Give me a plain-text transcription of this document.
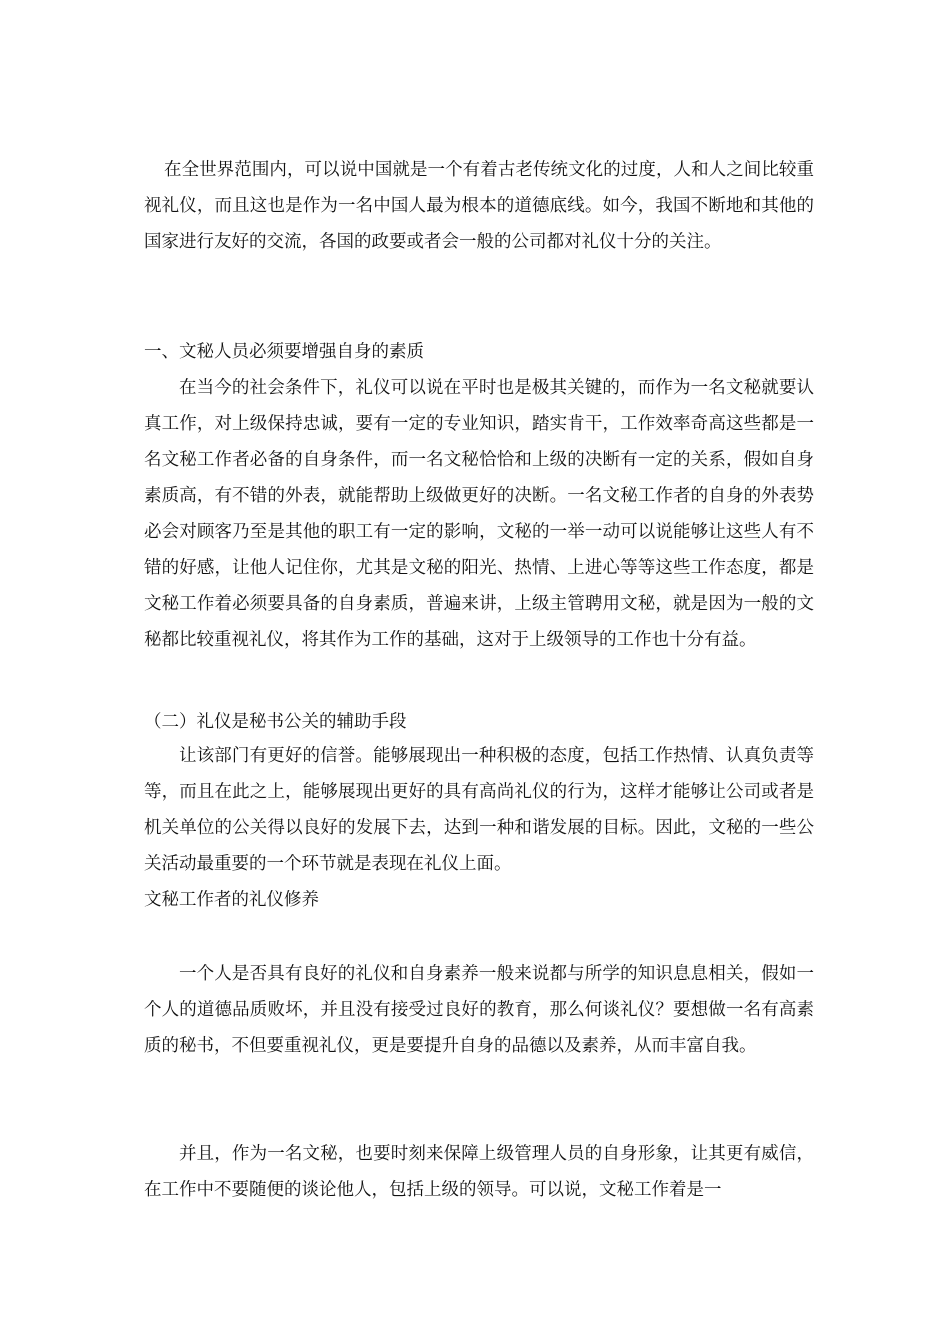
在全世界范围内，可以说中国就是一个有着古老传统文化的过度，人和人之间比较重视礼仪，而且这也是作为一名中国人最为根本的道德底线。如今，我国不断地和其他的国家进行友好的交流，各国的政要或者会一般的公司都对礼仪十分的关注。

一、文秘人员必须要增强自身的素质

在当今的社会条件下，礼仪可以说在平时也是极其关键的，而作为一名文秘就要认真工作，对上级保持忠诚，要有一定的专业知识，踏实肯干，工作效率奇高这些都是一名文秘工作者必备的自身条件，而一名文秘恰恰和上级的决断有一定的关系，假如自身素质高，有不错的外表，就能帮助上级做更好的决断。一名文秘工作者的自身的外表势必会对顾客乃至是其他的职工有一定的影响，文秘的一举一动可以说能够让这些人有不错的好感，让他人记住你，尤其是文秘的阳光、热情、上进心等等这些工作态度，都是文秘工作着必须要具备的自身素质，普遍来讲，上级主管聘用文秘，就是因为一般的文秘都比较重视礼仪，将其作为工作的基础，这对于上级领导的工作也十分有益。

（二）礼仪是秘书公关的辅助手段

让该部门有更好的信誉。能够展现出一种积极的态度，包括工作热情、认真负责等等，而且在此之上，能够展现出更好的具有高尚礼仪的行为，这样才能够让公司或者是机关单位的公关得以良好的发展下去，达到一种和谐发展的目标。因此，文秘的一些公关活动最重要的一个环节就是表现在礼仪上面。

文秘工作者的礼仪修养

一个人是否具有良好的礼仪和自身素养一般来说都与所学的知识息息相关，假如一个人的道德品质败坏，并且没有接受过良好的教育，那么何谈礼仪？要想做一名有高素质的秘书，不但要重视礼仪，更是要提升自身的品德以及素养，从而丰富自我。

并且，作为一名文秘，也要时刻来保障上级管理人员的自身形象，让其更有威信，在工作中不要随便的谈论他人，包括上级的领导。可以说，文秘工作着是一
